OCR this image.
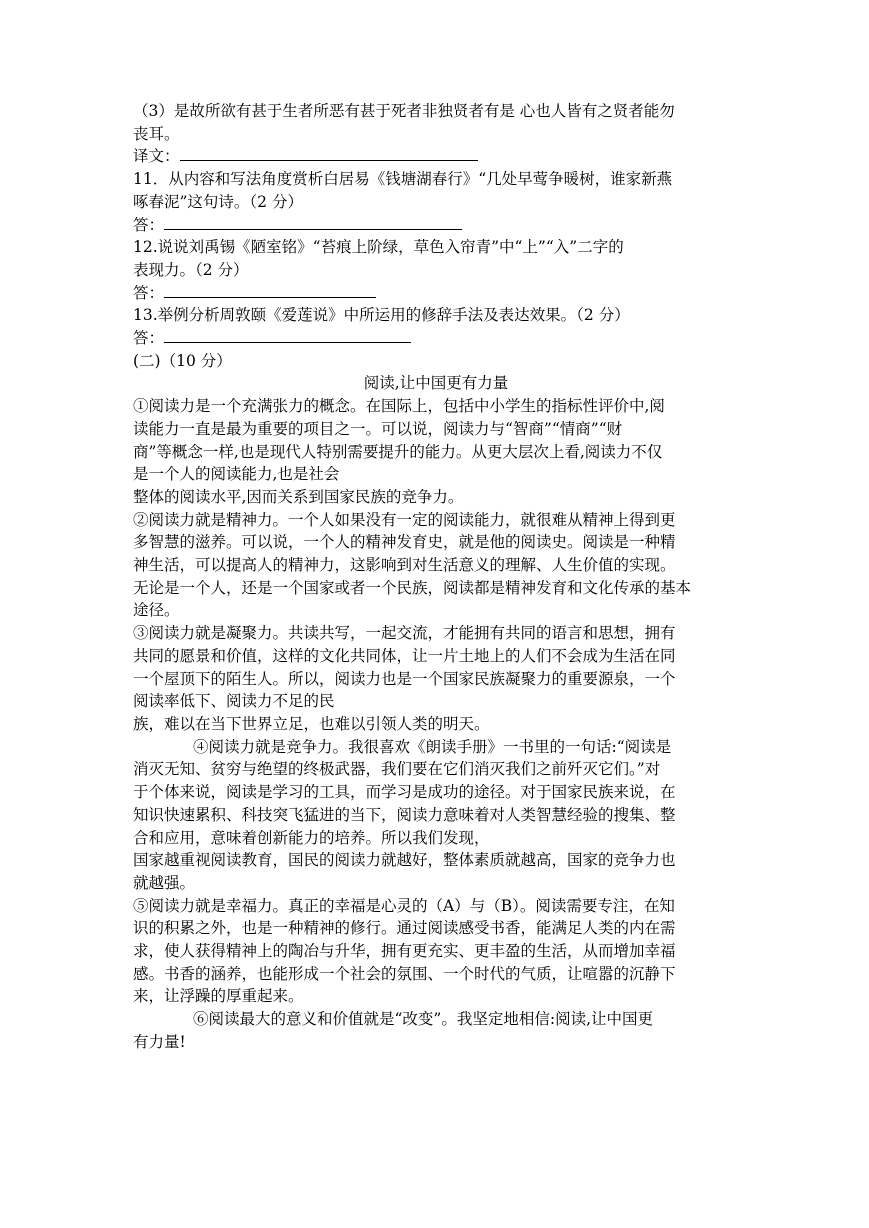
（3）是故所欲有甚于生者所恶有甚于死者非独贤者有是 心也人皆有之贤者能勿

丧耳。

译文：

11．从内容和写法角度赏析白居易《钱塘湖春行》“几处早莺争暖树，谁家新燕

啄春泥”这句诗。（2 分）

答：

12.说说刘禹锡《陋室铭》“苔痕上阶绿，草色入帘青”中“上”“入”二字的

表现力。（2 分）

答：

13.举例分析周敦颐《爱莲说》中所运用的修辞手法及表达效果。（2 分）

答：

(二)（10 分）

阅读,让中国更有力量

①阅读力是一个充满张力的概念。在国际上，包括中小学生的指标性评价中,阅

读能力一直是最为重要的项目之一。可以说，阅读力与“智商”“情商”“财

商”等概念一样,也是现代人特别需要提升的能力。从更大层次上看,阅读力不仅

是一个人的阅读能力,也是社会

整体的阅读水平,因而关系到国家民族的竞争力。

②阅读力就是精神力。一个人如果没有一定的阅读能力，就很难从精神上得到更

多智慧的滋养。可以说，一个人的精神发育史，就是他的阅读史。阅读是一种精

神生活，可以提高人的精神力，这影响到对生活意义的理解、人生价值的实现。

无论是一个人，还是一个国家或者一个民族，阅读都是精神发育和文化传承的基本

途径。

③阅读力就是凝聚力。共读共写，一起交流，才能拥有共同的语言和思想，拥有

共同的愿景和价值，这样的文化共同体，让一片土地上的人们不会成为生活在同

一个屋顶下的陌生人。所以，阅读力也是一个国家民族凝聚力的重要源泉，一个

阅读率低下、阅读力不足的民

族，难以在当下世界立足，也难以引领人类的明天。

④阅读力就是竞争力。我很喜欢《朗读手册》一书里的一句话:“阅读是

消灭无知、贫穷与绝望的终极武器，我们要在它们消灭我们之前歼灭它们。”对

于个体来说，阅读是学习的工具，而学习是成功的途径。对于国家民族来说，在

知识快速累积、科技突飞猛进的当下，阅读力意味着对人类智慧经验的搜集、整

合和应用，意味着创新能力的培养。所以我们发现，

国家越重视阅读教育，国民的阅读力就越好，整体素质就越高，国家的竞争力也

就越强。

⑤阅读力就是幸福力。真正的幸福是心灵的（A）与（B）。阅读需要专注，在知

识的积累之外，也是一种精神的修行。通过阅读感受书香，能满足人类的内在需

求，使人获得精神上的陶冶与升华，拥有更充实、更丰盈的生活，从而增加幸福

感。书香的涵养，也能形成一个社会的氛围、一个时代的气质，让喧嚣的沉静下

来，让浮躁的厚重起来。

⑥阅读最大的意义和价值就是“改变”。我坚定地相信:阅读,让中国更

有力量!
